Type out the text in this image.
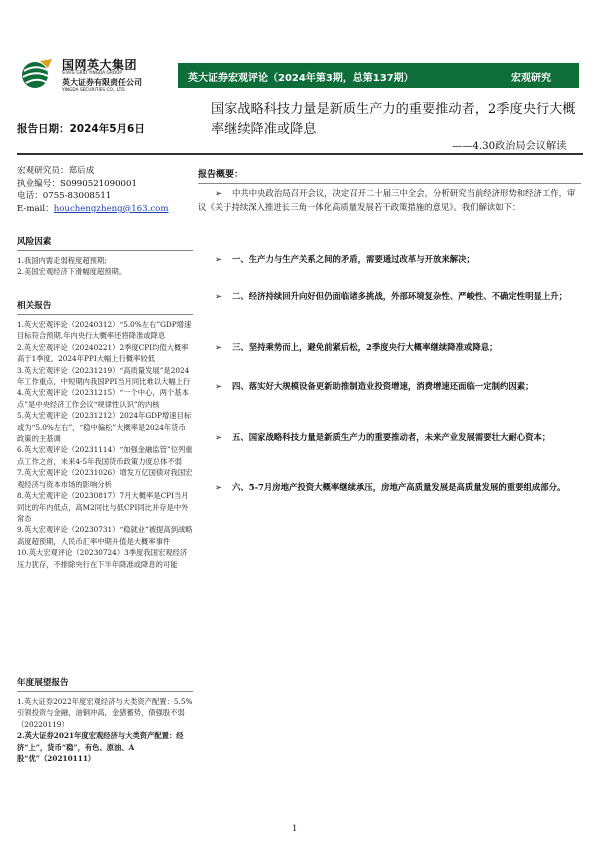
国网英大集团
STATE GRID YINGDA GROUP
英大证券有限责任公司
YINGDA SECURITIES CO., LTD.
英大证券宏观评论（2024年第3期，总第137期）	宏观研究
国家战略科技力量是新质生产力的重要推动者，2季度央行大概率继续降准或降息
报告日期：2024年5月6日
——4.30政治局会议解读
宏观研究员：郑后成
执业编号：S0990521090001
电话：0755-83008511
E-mail：houchengzheng@163.com
风险因素
1.我国内需走弱程度超预期;
2.美国宏观经济下滑幅度超预期。
相关报告
1.英大宏观评论（20240312）“5.0%左右”GDP增速目标符合预期,年内央行大概率还将降准或降息
2.英大宏观评论（20240221）2季度CPI均值大概率高于1季度，2024年PPI大幅上行概率较低
3.英大宏观评论（20231219）“高质量发展”是2024年工作重点，中短期内我国PPI当月同比难以大幅上行
4.英大宏观评论（20231215）“一个中心，两个基本点”是中央经济工作会议“规律性认识”的内核
5.英大宏观评论（20231212）2024年GDP增速目标或为“5.0%左右”，“稳中偏松”大概率是2024年货币政策的主基调
6.英大宏观评论（20231114）“加强金融监管”位列重点工作之首，未来4-5年我国货币政策力度总体不弱
7.英大宏观评论（20231026）增发万亿国债对我国宏观经济与资本市场的影响分析
8.英大宏观评论（20230817）7月大概率是CPI当月同比的年内低点，高M2同比与低CPI同比并存是中外常态
9.英大宏观评论（20230731）“稳就业”被提高到战略高度超预期，人民币汇率中期升值是大概率事件
10.英大宏观评论（20230724）3季度我国宏观经济压力犹存，不排除央行在下半年降准或降息的可能
年度展望报告
1.英大证券2022年度宏观经济与大类资产配置：5.5%引领投资与金融，油铜冲高，金猪蓄势，债强股不弱（20220119）
2.英大证券2021年度宏观经济与大类资产配置：经济“上”，货币“稳”，有色、原油、A股“优”（20210111）
报告概要：
➢	中共中央政治局召开会议，决定召开二十届三中全会，分析研究当前经济形势和经济工作，审议《关于持续深入推进长三角一体化高质量发展若干政策措施的意见》。我们解读如下：
➢	一、生产力与生产关系之间的矛盾，需要通过改革与开放来解决；
➢	二、经济持续回升向好但仍面临诸多挑战，外部环境复杂性、严峻性、不确定性明显上升；
➢	三、坚持乘势而上，避免前紧后松，2季度央行大概率继续降准或降息；
➢	四、落实好大规模设备更新助推制造业投资增速，消费增速还面临一定制约因素；
➢	五、国家战略科技力量是新质生产力的重要推动者，未来产业发展需要壮大耐心资本；
➢	六、5-7月房地产投资大概率继续承压，房地产高质量发展是高质量发展的重要组成部分。
1
